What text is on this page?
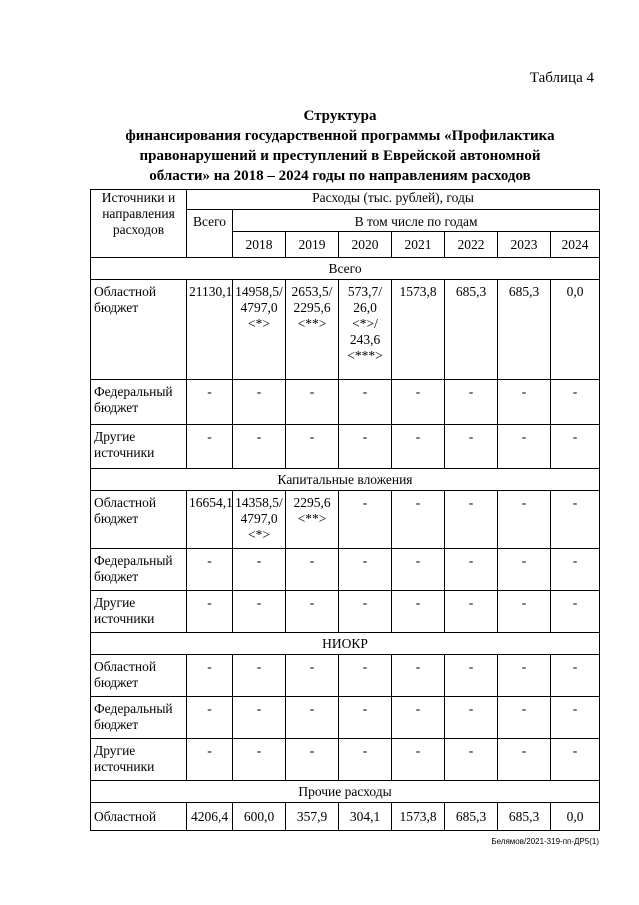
Таблица 4
Структура
финансирования государственной программы «Профилактика
правонарушений и преступлений в Еврейской автономной
области» на 2018 – 2024 годы по направлениям расходов
Источники и направления расходов	Расходы (тыс. рублей), годы							
	Всего	В том числе по годам						
		2018	2019	2020	2021	2022	2023	2024
Всего								
Областной бюджет	21130,1	14958,5/ 4797,0 <*>	2653,5/ 2295,6 <**>	573,7/ 26,0 <*>/ 243,6 <***>	1573,8	685,3	685,3	0,0
Федеральный бюджет	-	-	-	-	-	-	-	-
Другие источники	-	-	-	-	-	-	-	-
Капитальные вложения								
Областной бюджет	16654,1	14358,5/ 4797,0 <*>	2295,6 <**>	-	-	-	-	-
Федеральный бюджет	-	-	-	-	-	-	-	-
Другие источники	-	-	-	-	-	-	-	-
НИОКР								
Областной бюджет	-	-	-	-	-	-	-	-
Федеральный бюджет	-	-	-	-	-	-	-	-
Другие источники	-	-	-	-	-	-	-	-
Прочие расходы								
Областной	4206,4	600,0	357,9	304,1	1573,8	685,3	685,3	0,0
Белямов/2021-319-пп-ДР5(1)
